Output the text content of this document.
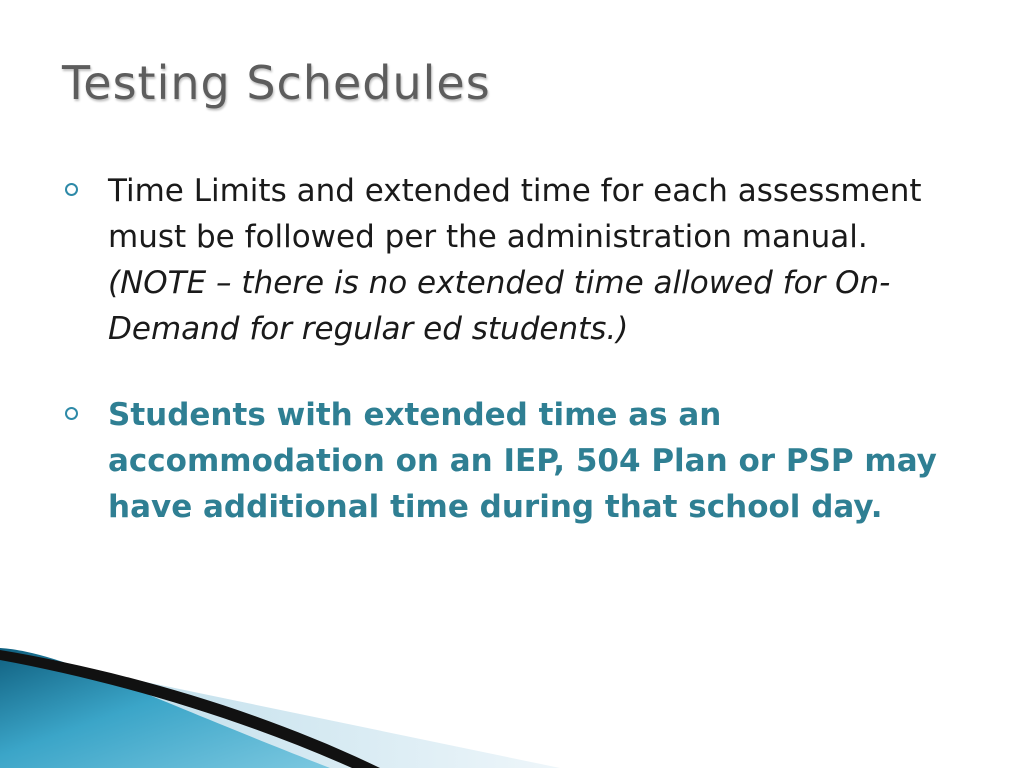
Testing Schedules
Time Limits and extended time for each assessment must be followed per the administration manual. (NOTE – there is no extended time allowed for On-Demand for regular ed students.)
Students with extended time as an accommodation on an IEP, 504 Plan or PSP may have additional time during that school day.
